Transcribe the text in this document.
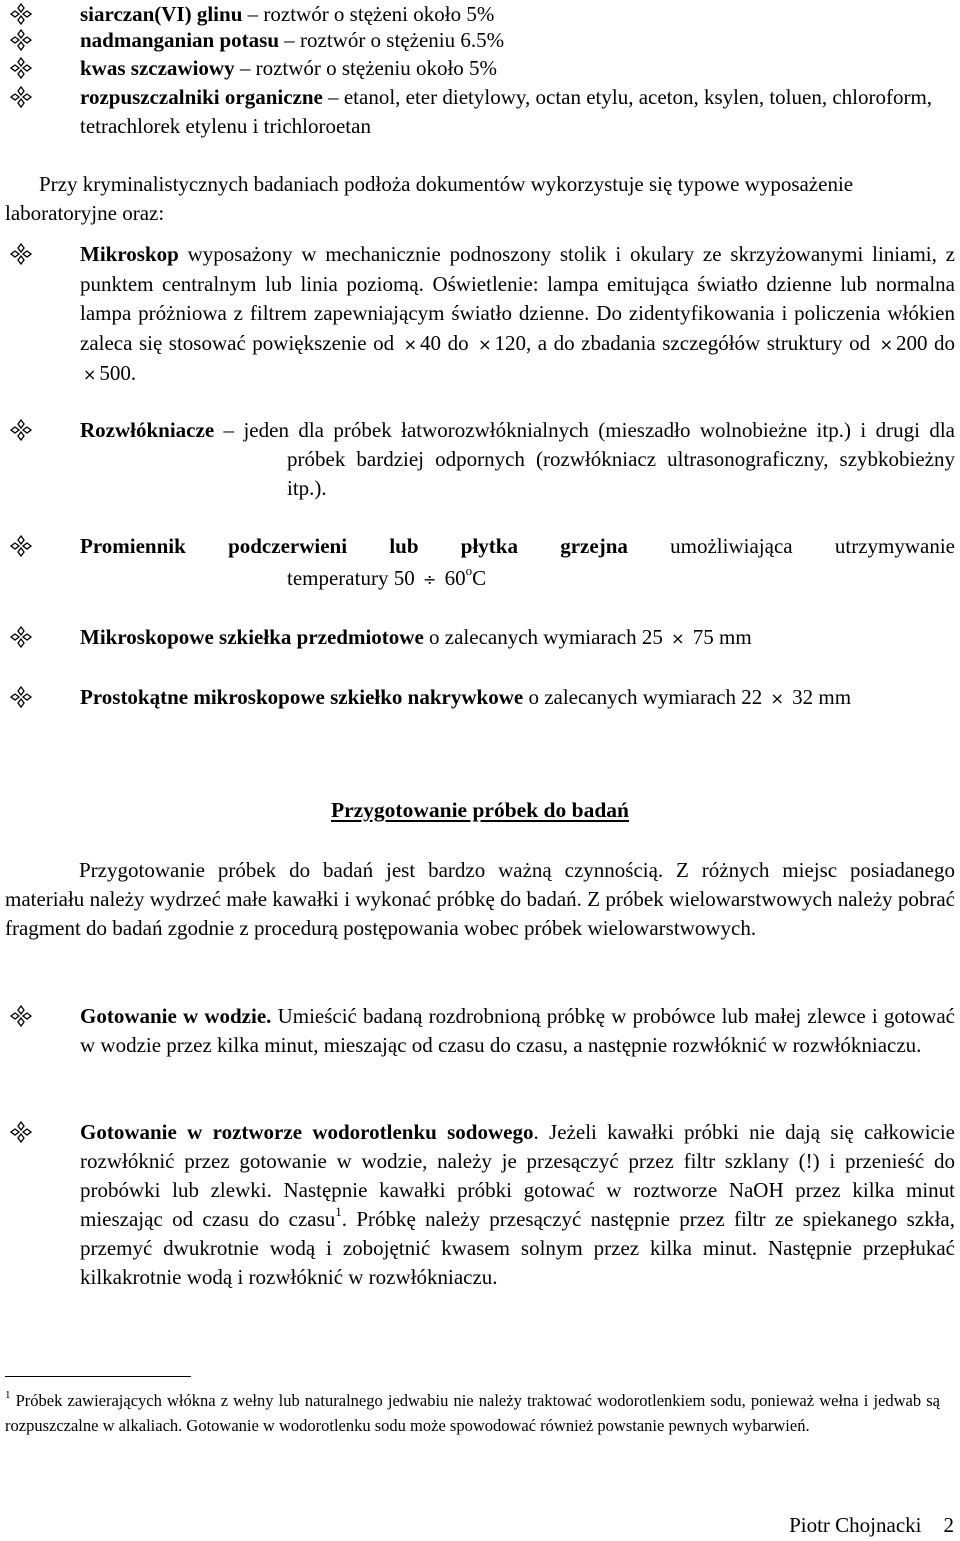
siarczan(VI) glinu – roztwór o stężeni około 5%
nadmanganian potasu – roztwór o stężeniu 6.5%
kwas szczawiowy – roztwór o stężeniu około 5%
rozpuszczalniki organiczne – etanol, eter dietylowy, octan etylu, aceton, ksylen, toluen, chloroform, tetrachlorek etylenu i trichloroetan
Przy kryminalistycznych badaniach podłoża dokumentów wykorzystuje się typowe wyposażenie laboratoryjne oraz:
Mikroskop wyposażony w mechanicznie podnoszony stolik i okulary ze skrzyżowanymi liniami, z punktem centralnym lub linia poziomą. Oświetlenie: lampa emitująca światło dzienne lub normalna lampa próżniowa z filtrem zapewniającym światło dzienne. Do zidentyfikowania i policzenia włókien zaleca się stosować powiększenie od × 40 do × 120, a do zbadania szczegółów struktury od × 200 do × 500.
Rozwłókniacze – jeden dla próbek łatworozwłóknialnych (mieszadło wolnobieżne itp.) i drugi dla próbek bardziej odpornych (rozwłókniacz ultrasonograficzny, szybkobieżny itp.).
Promiennik podczerwieni lub płytka grzejna umożliwiająca utrzymywanie
temperatury $50 \div 60^oC$
Mikroskopowe szkiełka przedmiotowe o zalecanych wymiarach 25 × 75 mm
Prostokątne mikroskopowe szkiełko nakrywkowe o zalecanych wymiarach 22 × 32 mm
Przygotowanie próbek do badań
Przygotowanie próbek do badań jest bardzo ważną czynnością. Z różnych miejsc posiadanego materiału należy wydrzeć małe kawałki i wykonać próbkę do badań. Z próbek wielowarstwowych należy pobrać fragment do badań zgodnie z procedurą postępowania wobec próbek wielowarstwowych.
Gotowanie w wodzie. Umieścić badaną rozdrobnioną próbkę w probówce lub małej zlewce i gotować w wodzie przez kilka minut, mieszając od czasu do czasu, a następnie rozwłóknić w rozwłókniaczu.
Gotowanie w roztworze wodorotlenku sodowego. Jeżeli kawałki próbki nie dają się całkowicie rozwłóknić przez gotowanie w wodzie, należy je przesączyć przez filtr szklany (!) i przenieść do probówki lub zlewki. Następnie kawałki próbki gotować w roztworze NaOH przez kilka minut mieszając od czasu do czasu$^1$. Próbkę należy przesączyć następnie przez filtr ze spiekanego szkła, przemyć dwukrotnie wodą i zobojętnić kwasem solnym przez kilka minut. Następnie przepłukać kilkakrotnie wodą i rozwłóknić w rozwłókniaczu.
$^1$ Próbek zawierających włókna z wełny lub naturalnego jedwabiu nie należy traktować wodorotlenkiem sodu, ponieważ wełna i jedwab są rozpuszczalne w alkaliach. Gotowanie w wodorotlenku sodu może spowodować również powstanie pewnych wybarwień.
Piotr Chojnacki 2
